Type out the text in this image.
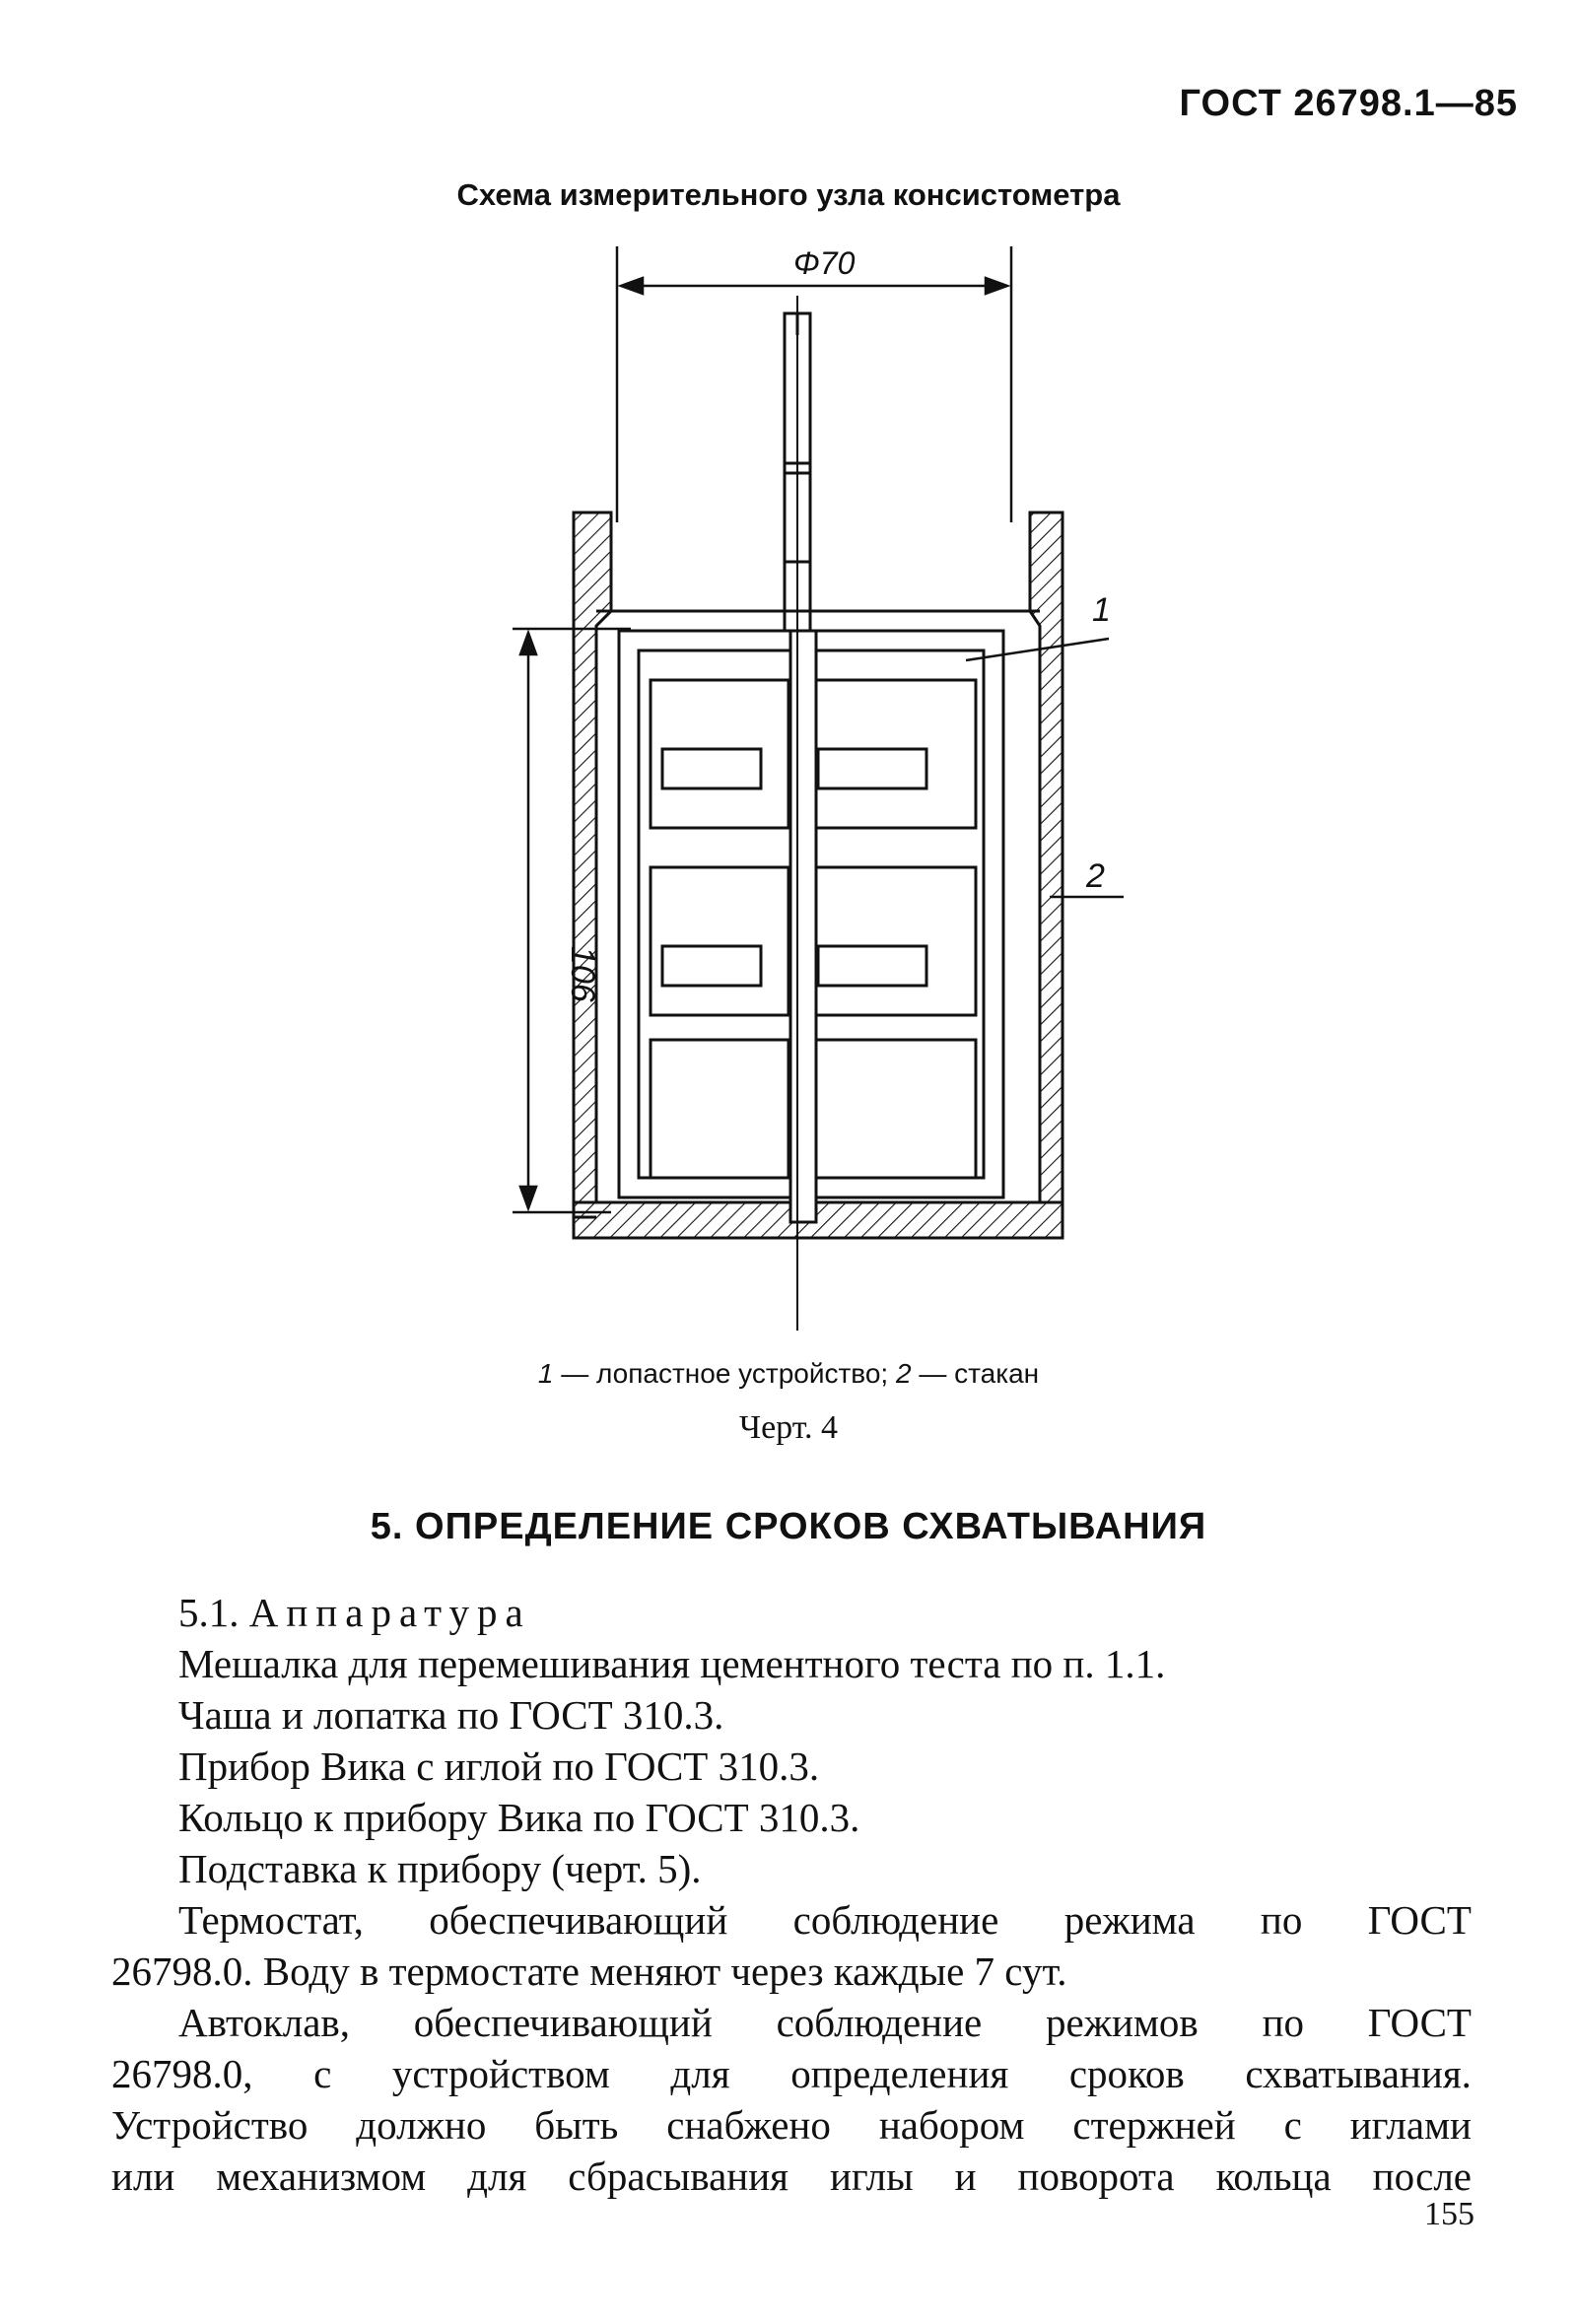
ГОСТ 26798.1—85
Схема измерительного узла консистометра
Φ70
106
1
2
1 — лопастное устройство; 2 — стакан
Черт. 4
5. ОПРЕДЕЛЕНИЕ СРОКОВ СХВАТЫВАНИЯ
5.1. Аппаратура
Мешалка для перемешивания цементного теста по п. 1.1.
Чаша и лопатка по ГОСТ 310.3.
Прибор Вика с иглой по ГОСТ 310.3.
Кольцо к прибору Вика по ГОСТ 310.3.
Подставка к прибору (черт. 5).
Термостат, обеспечивающий соблюдение режима по ГОСТ
26798.0. Воду в термостате меняют через каждые 7 сут.
Автоклав, обеспечивающий соблюдение режимов по ГОСТ
26798.0, с устройством для определения сроков схватывания.
Устройство должно быть снабжено набором стержней с иглами
или механизмом для сбрасывания иглы и поворота кольца после
155
